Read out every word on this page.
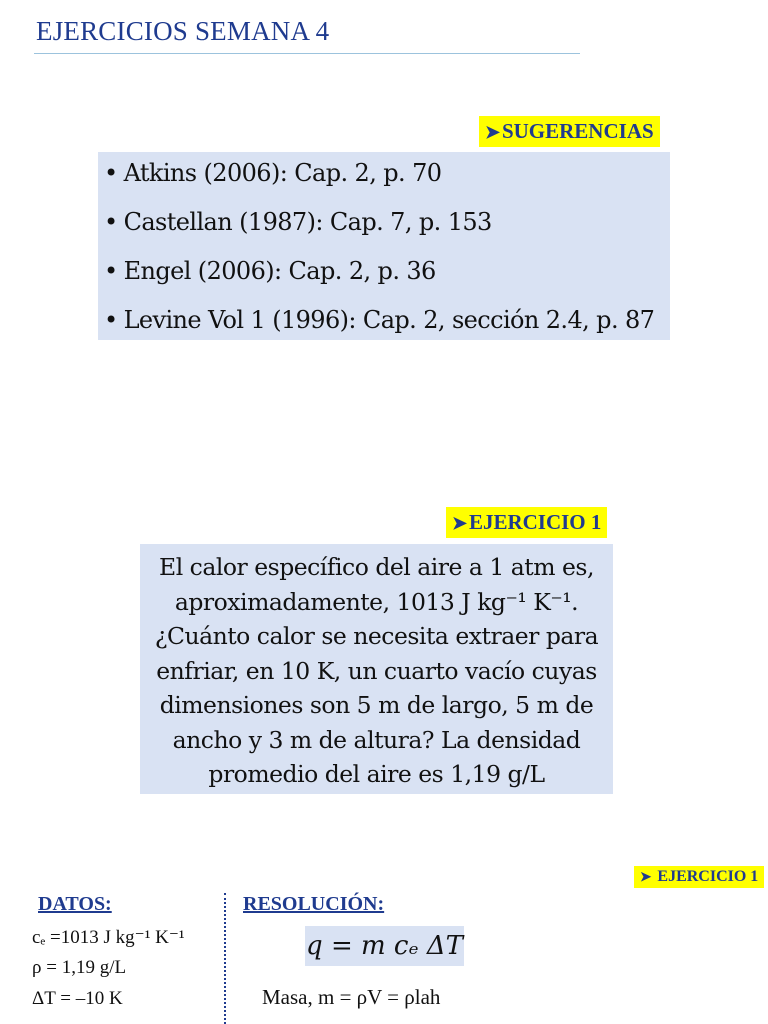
EJERCICIOS SEMANA 4
➤SUGERENCIAS
• Atkins (2006): Cap. 2, p. 70
• Castellan (1987): Cap. 7, p. 153
• Engel (2006): Cap. 2, p. 36
• Levine Vol 1 (1996): Cap. 2, sección 2.4, p. 87
➤EJERCICIO 1

El calor específico del aire a 1 atm es,

aproximadamente, 1013 J kg⁻¹ K⁻¹.

¿Cuánto calor se necesita extraer para

enfriar, en 10 K, un cuarto vacío cuyas

dimensiones son 5 m de largo, 5 m de

ancho y 3 m de altura? La densidad

promedio del aire es 1,19 g/L

➤ EJERCICIO 1
DATOS:	RESOLUCIÓN:
cₑ =1013 J kg⁻¹ K⁻¹
ρ = 1,19 g/L
ΔT = –10 K
q = m cₑ ΔT
Masa, m = ρV = ρlah
